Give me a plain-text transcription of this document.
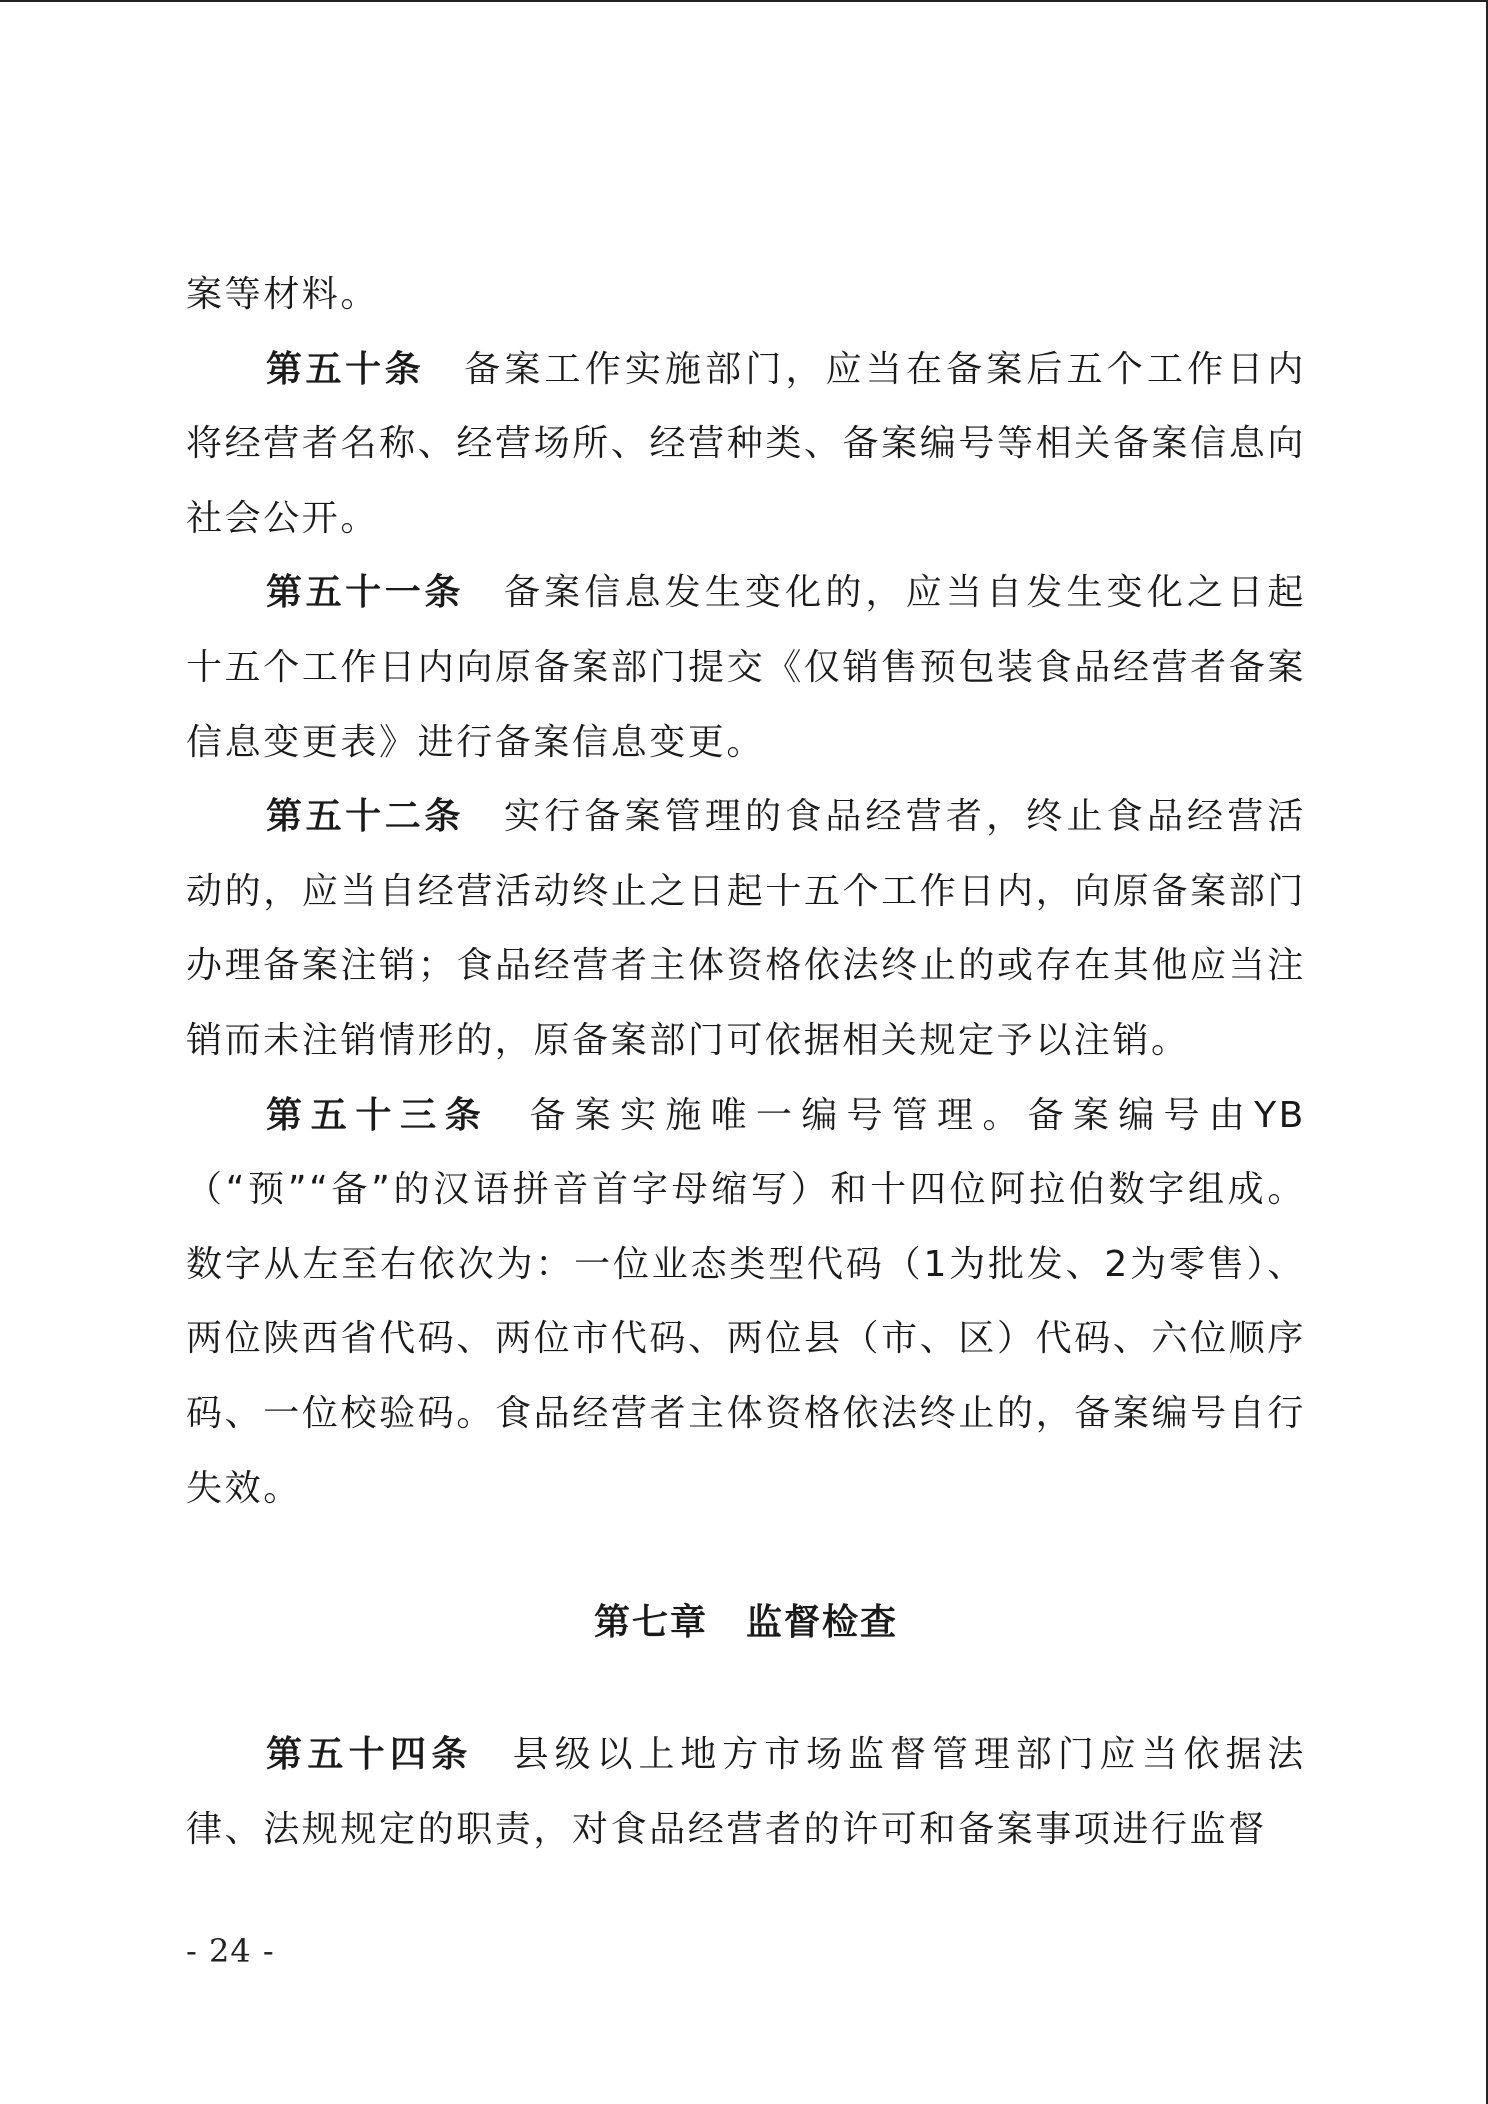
案等材料。

第五十条 备案工作实施部门，应当在备案后五个工作日内将经营者名称、经营场所、经营种类、备案编号等相关备案信息向社会公开。

第五十一条 备案信息发生变化的，应当自发生变化之日起十五个工作日内向原备案部门提交《仅销售预包装食品经营者备案信息变更表》进行备案信息变更。

第五十二条 实行备案管理的食品经营者，终止食品经营活动的，应当自经营活动终止之日起十五个工作日内，向原备案部门办理备案注销；食品经营者主体资格依法终止的或存在其他应当注销而未注销情形的，原备案部门可依据相关规定予以注销。

第五十三条 备案实施唯一编号管理。备案编号由YB（“预”“备”的汉语拼音首字母缩写）和十四位阿拉伯数字组成。数字从左至右依次为：一位业态类型代码（1为批发、2为零售）、两位陕西省代码、两位市代码、两位县（市、区）代码、六位顺序码、一位校验码。食品经营者主体资格依法终止的，备案编号自行失效。

第七章　监督检查

第五十四条 县级以上地方市场监督管理部门应当依据法律、法规规定的职责，对食品经营者的许可和备案事项进行监督

- 24 -
